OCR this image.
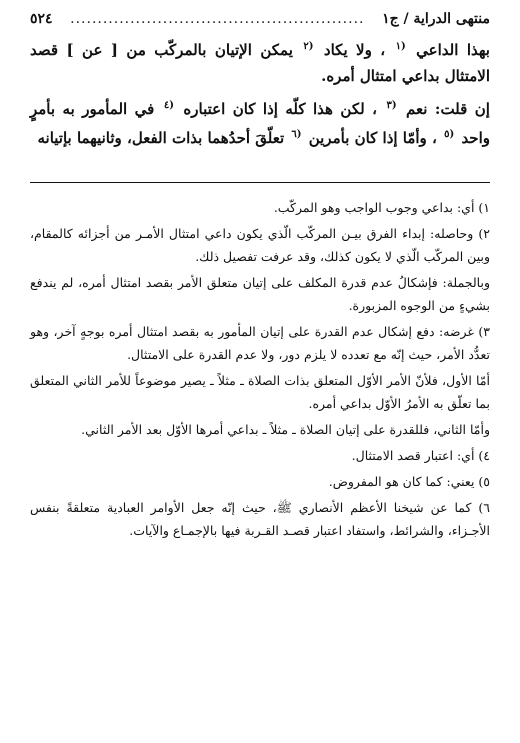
منتهى الدراية / ج١
......................................................
٥٢٤

بهذا الداعي $^{(١}$ ، ولا يكاد $^{(٢}$ يمكن الإتيان بالمركّب من [ عن ] قصد الامتثال بداعي امتثال أمره.

إن قلت: نعم $^{(٣}$ ، لكن هذا كلّه إذا كان اعتباره $^{(٤}$ في المأمور به بأمرٍ واحد $^{(٥}$ ، وأمّا إذا كان بأمرين $^{(٦}$ تعلّقَ أحدُهما بذات الفعل، وثانيهما بإتيانه

١) أي: بداعي وجوب الواجب وهو المركّب.

٢) وحاصله: إبداء الفرق بيـن المركّب الّذي يكون داعي امتثال الأمـر من أجزائه كالمقام، وبين المركّب الّذي لا يكون كذلك، وقد عرفت تفصيل ذلك.

وبالجملة: فإشكالُ عدم قدرة المكلف على إتيان متعلق الأمر بقصد امتثال أمره، لم يندفع بشيءٍ من الوجوه المزبورة.

٣) غرضه: دفع إشكال عدم القدرة على إتيان المأمور به بقصد امتثال أمره بوجهٍ آخر، وهو تعدُّد الأمر، حيث إنّه مع تعدده لا يلزم دور، ولا عدم القدرة على الامتثال.

أمّا الأول، فلأنّ الأمر الأوّل المتعلق بذات الصلاة ـ مثلاً ـ يصير موضوعاً للأمر الثاني المتعلق بما تعلّق به الأمرُ الأوّل بداعي أمره.

وأمّا الثاني، فللقدرة على إتيان الصلاة ـ مثلاً ـ بداعي أمرها الأوّل بعد الأمر الثاني.

٤) أي: اعتبار قصد الامتثال.

٥) يعني: كما كان هو المفروض.

٦) كما عن شيخنا الأعظم الأنصاري ﷺ، حيث إنّه جعل الأوامر العبادية متعلقةً بنفس الأجـزاء، والشرائط، واستفاد اعتبار قصـد القـربة فيها بالإجمـاع والآيات.
